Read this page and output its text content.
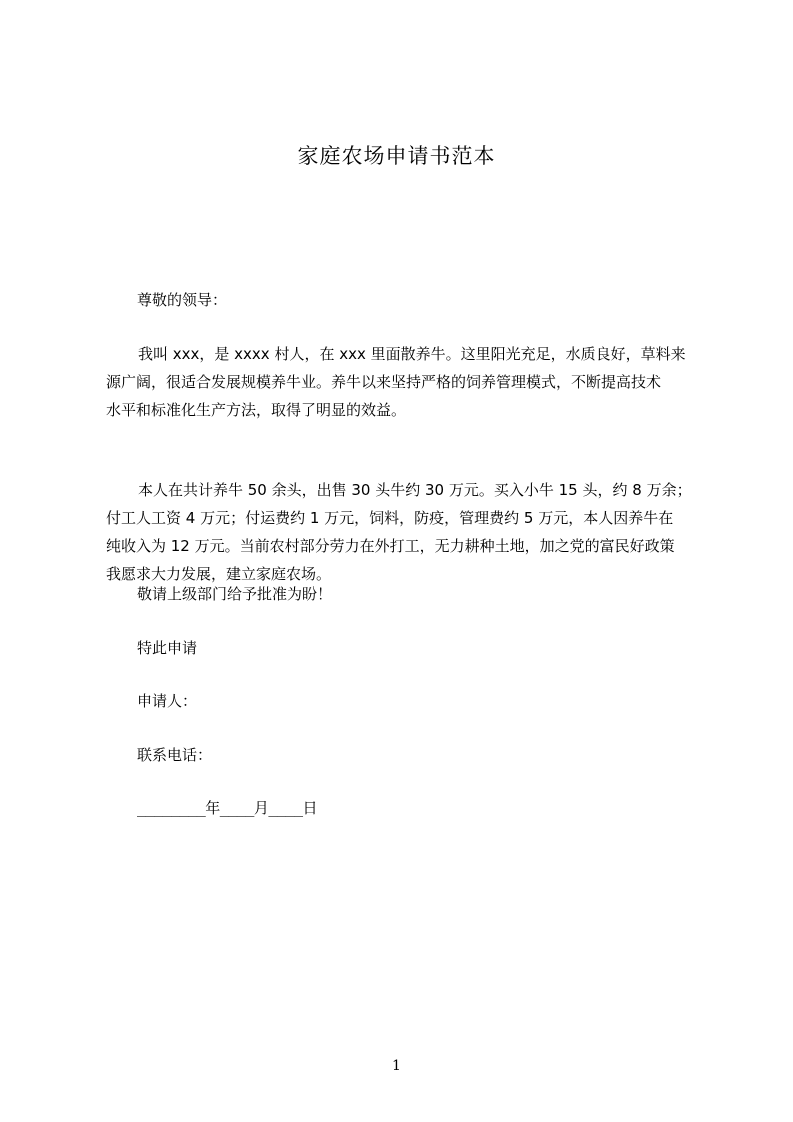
家庭农场申请书范本
尊敬的领导：
我叫 xxx，是 xxxx 村人，在 xxx 里面散养牛。这里阳光充足，水质良好，草料来
源广阔，很适合发展规模养牛业。养牛以来坚持严格的饲养管理模式，不断提高技术
水平和标准化生产方法，取得了明显的效益。
本人在共计养牛 50 余头，出售 30 头牛约 30 万元。买入小牛 15 头，约 8 万余；
付工人工资 4 万元；付运费约 1 万元，饲料，防疫，管理费约 5 万元，本人因养牛在
纯收入为 12 万元。当前农村部分劳力在外打工，无力耕种土地，加之党的富民好政策
我愿求大力发展，建立家庭农场。
敬请上级部门给予批准为盼！
特此申请
申请人：
联系电话：
________年____月____日
1
